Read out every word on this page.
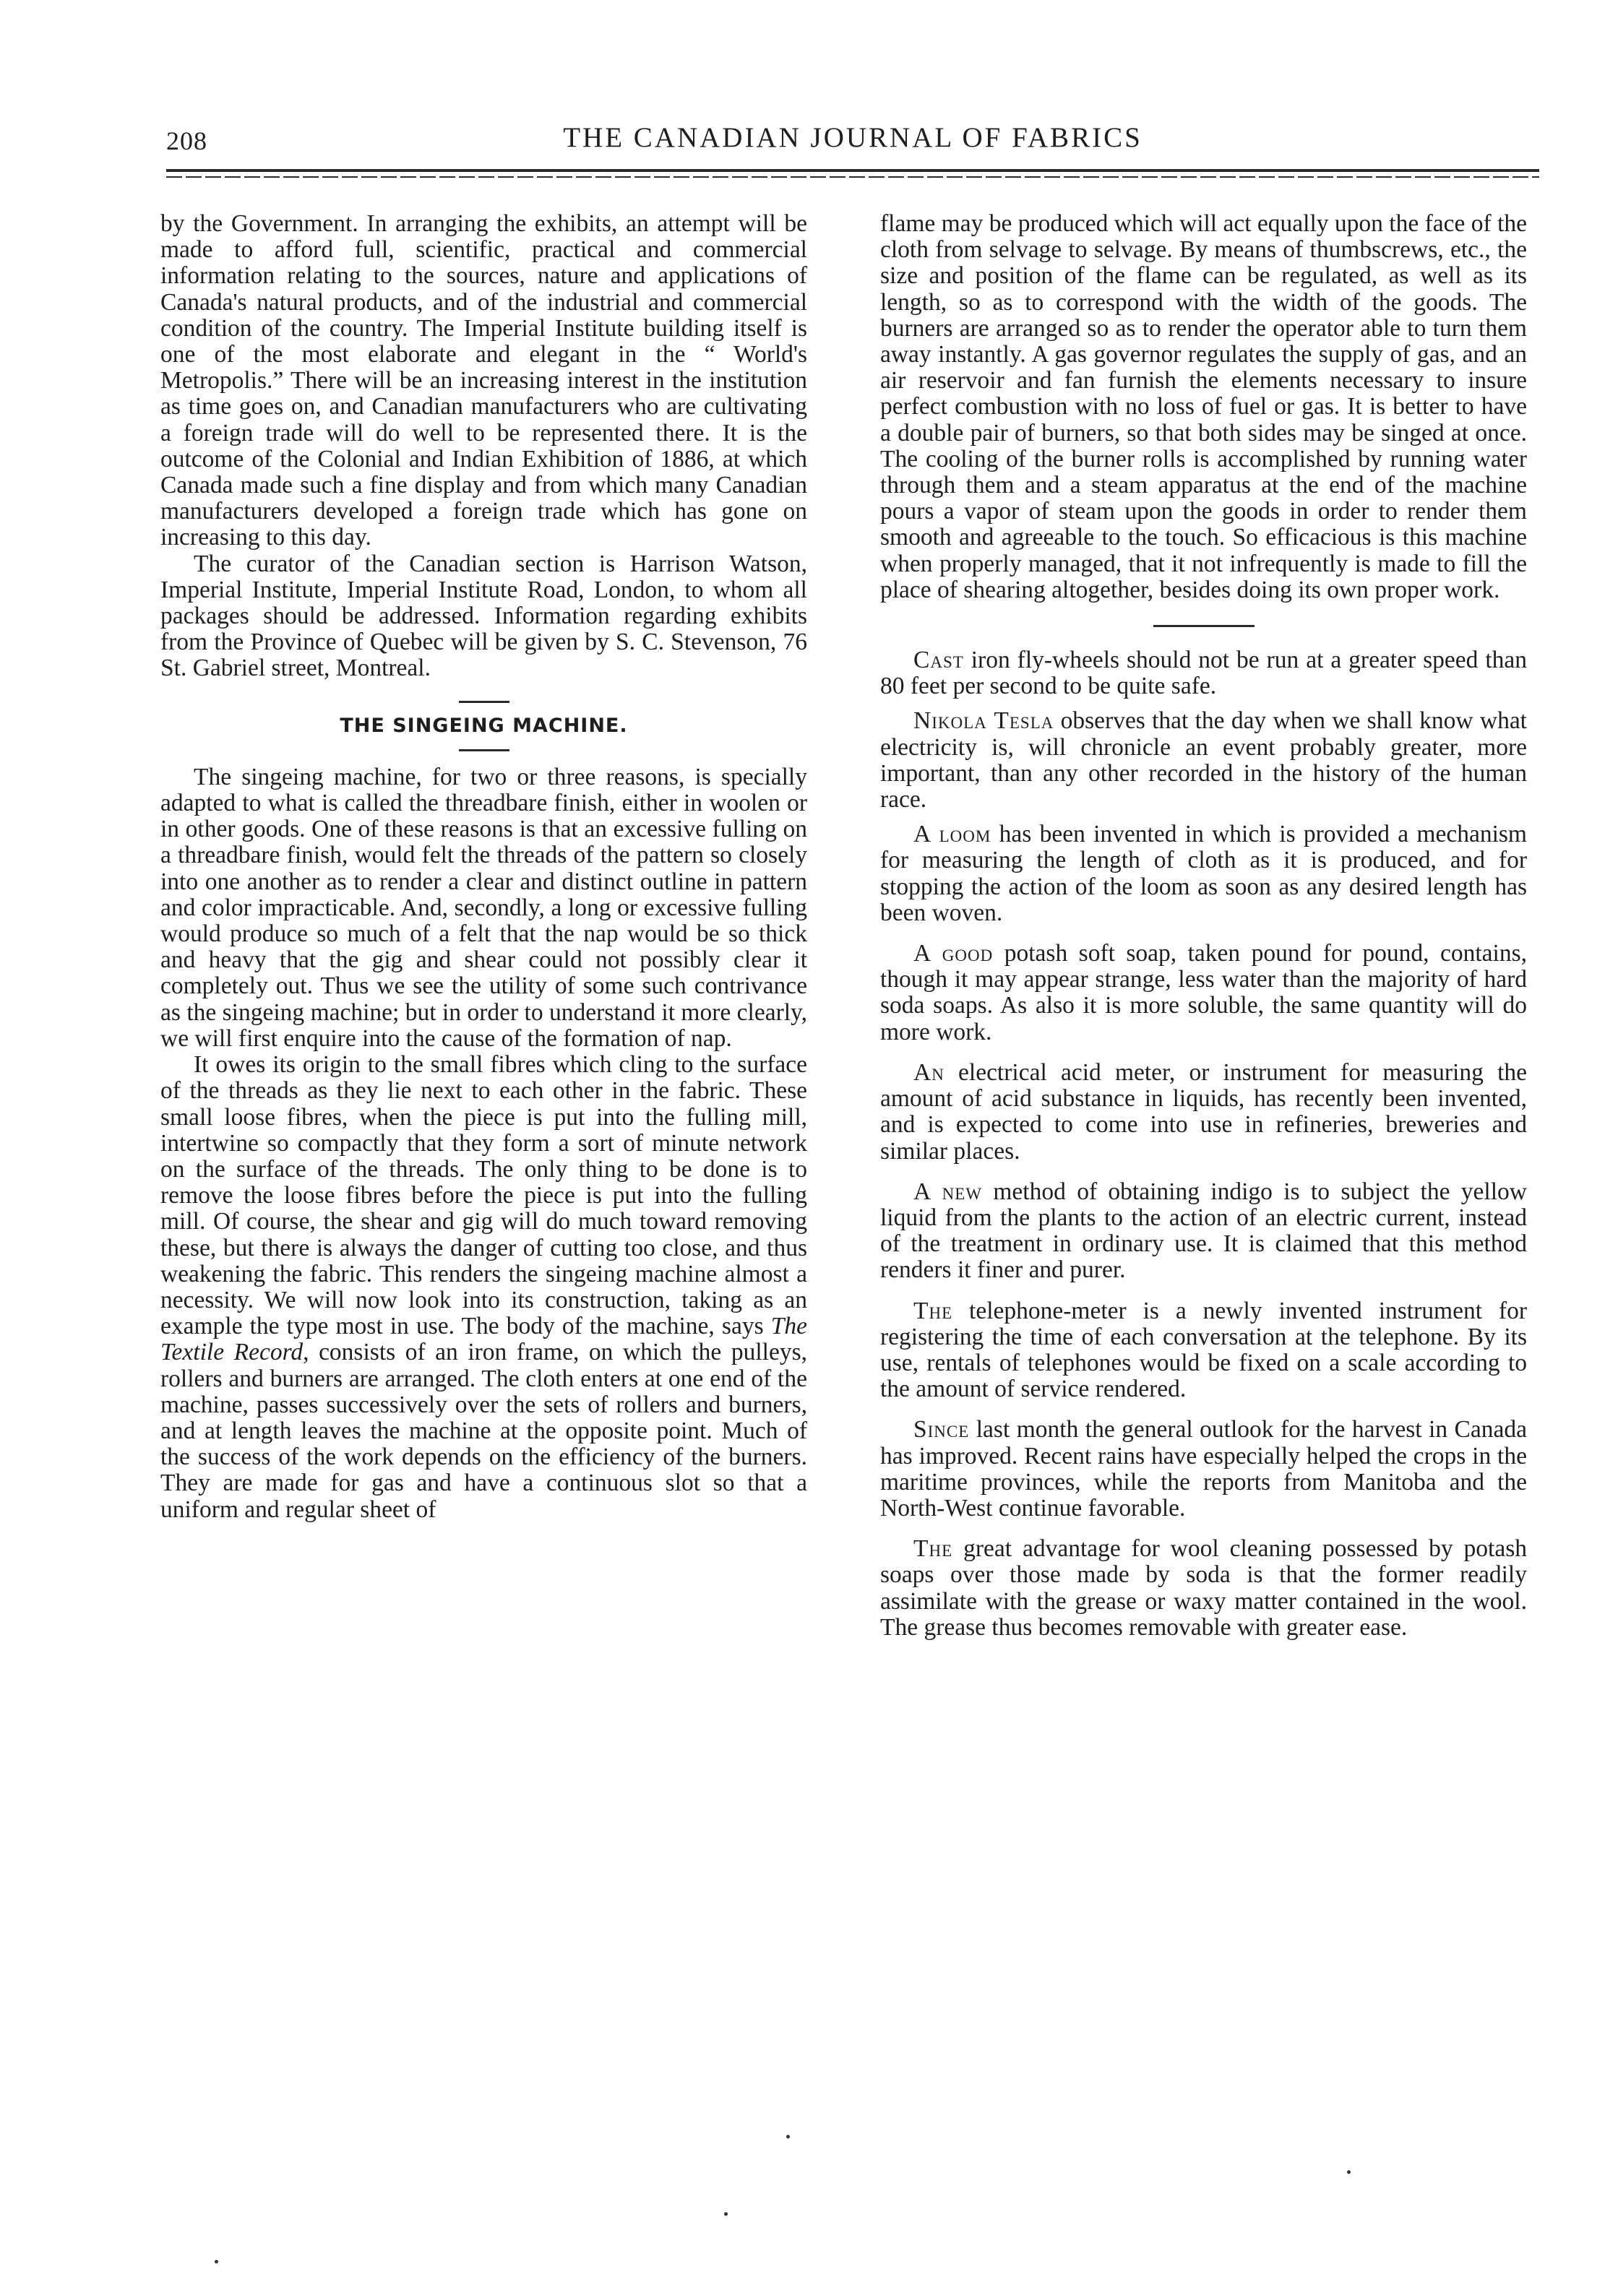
208	THE CANADIAN JOURNAL OF FABRICS

by the Government. In arranging the exhibits, an attempt will be made to afford full, scientific, practical and commercial information relating to the sources, nature and applications of Canada's natural products, and of the industrial and commercial condition of the country. The Imperial Institute building itself is one of the most elaborate and elegant in the “ World's Metropolis.” There will be an increasing interest in the institution as time goes on, and Canadian manufacturers who are cultivating a foreign trade will do well to be represented there. It is the outcome of the Colonial and Indian Exhibition of 1886, at which Canada made such a fine display and from which many Canadian manufacturers developed a foreign trade which has gone on increasing to this day.

The curator of the Canadian section is Harrison Watson, Imperial Institute, Imperial Institute Road, London, to whom all packages should be addressed. Information regarding exhibits from the Province of Quebec will be given by S. C. Stevenson, 76 St. Gabriel street, Montreal.

THE SINGEING MACHINE.

The singeing machine, for two or three reasons, is specially adapted to what is called the threadbare finish, either in woolen or in other goods. One of these reasons is that an excessive fulling on a threadbare finish, would felt the threads of the pattern so closely into one another as to render a clear and distinct outline in pattern and color impracticable. And, secondly, a long or excessive fulling would produce so much of a felt that the nap would be so thick and heavy that the gig and shear could not possibly clear it completely out. Thus we see the utility of some such contrivance as the singeing machine; but in order to understand it more clearly, we will first enquire into the cause of the formation of nap.

It owes its origin to the small fibres which cling to the surface of the threads as they lie next to each other in the fabric. These small loose fibres, when the piece is put into the fulling mill, intertwine so compactly that they form a sort of minute network on the surface of the threads. The only thing to be done is to remove the loose fibres before the piece is put into the fulling mill. Of course, the shear and gig will do much toward removing these, but there is always the danger of cutting too close, and thus weakening the fabric. This renders the singeing machine almost a necessity. We will now look into its construction, taking as an example the type most in use. The body of the machine, says The Textile Record, consists of an iron frame, on which the pulleys, rollers and burners are arranged. The cloth enters at one end of the machine, passes successively over the sets of rollers and burners, and at length leaves the machine at the opposite point. Much of the success of the work depends on the efficiency of the burners. They are made for gas and have a continuous slot so that a uniform and regular sheet of

flame may be produced which will act equally upon the face of the cloth from selvage to selvage. By means of thumbscrews, etc., the size and position of the flame can be regulated, as well as its length, so as to correspond with the width of the goods. The burners are arranged so as to render the operator able to turn them away instantly. A gas governor regulates the supply of gas, and an air reservoir and fan furnish the elements necessary to insure perfect combustion with no loss of fuel or gas. It is better to have a double pair of burners, so that both sides may be singed at once. The cooling of the burner rolls is accomplished by running water through them and a steam apparatus at the end of the machine pours a vapor of steam upon the goods in order to render them smooth and agreeable to the touch. So efficacious is this machine when properly managed, that it not infrequently is made to fill the place of shearing altogether, besides doing its own proper work.

Cast iron fly-wheels should not be run at a greater speed than 80 feet per second to be quite safe.

Nikola Tesla observes that the day when we shall know what electricity is, will chronicle an event probably greater, more important, than any other recorded in the history of the human race.

A loom has been invented in which is provided a mechanism for measuring the length of cloth as it is produced, and for stopping the action of the loom as soon as any desired length has been woven.

A good potash soft soap, taken pound for pound, contains, though it may appear strange, less water than the majority of hard soda soaps. As also it is more soluble, the same quantity will do more work.

An electrical acid meter, or instrument for measuring the amount of acid substance in liquids, has recently been invented, and is expected to come into use in refineries, breweries and similar places.

A new method of obtaining indigo is to subject the yellow liquid from the plants to the action of an electric current, instead of the treatment in ordinary use. It is claimed that this method renders it finer and purer.

The telephone-meter is a newly invented instrument for registering the time of each conversation at the telephone. By its use, rentals of telephones would be fixed on a scale according to the amount of service rendered.

Since last month the general outlook for the harvest in Canada has improved. Recent rains have especially helped the crops in the maritime provinces, while the reports from Manitoba and the North-West continue favorable.

The great advantage for wool cleaning possessed by potash soaps over those made by soda is that the former readily assimilate with the grease or waxy matter contained in the wool. The grease thus becomes removable with greater ease.
